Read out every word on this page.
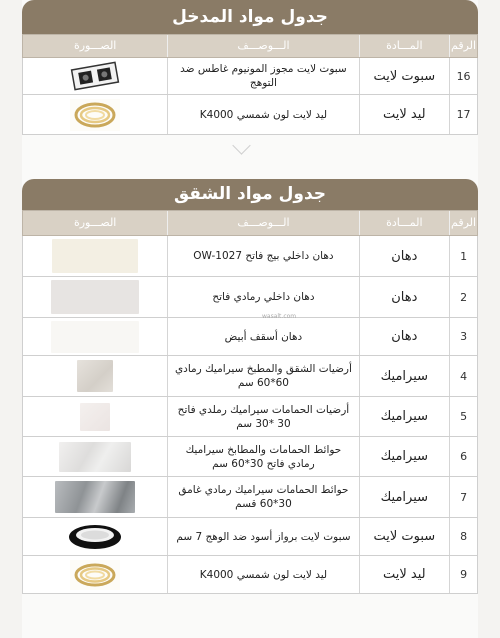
جدول مواد المدخل
الرقم
المـــادة
الـــوصـــف
الصـــورة
16
سبوت لايت
سبوت لايت مجوز المونيوم غاطس ضد التوهج
17
ليد لايت
ليد لايت لون شمسي K4000
جدول مواد الشقق
الرقم
المـــادة
الـــوصـــف
الصـــورة
1
دهان
دهان داخلي بيج فاتح OW-1027
2
دهان
دهان داخلي رمادي فاتح
3
دهان
دهان أسقف أبيض
4
سيراميك
أرضيات الشقق والمطبخ سيراميك رمادي 60*60 سم
5
سيراميك
أرضيات الحمامات سيراميك رملدي فاتح 30 *30 سم
6
سيراميك
حوائط الحمامات والمطابخ سيراميك رمادي فاتح 30*60 سم
7
سيراميك
حوائط الحمامات سيراميك رمادي غامق 30*60 قسم
8
سبوت لايت
سبوت لايت برواز أسود ضد الوهج 7 سم
9
ليد لايت
ليد لايت لون شمسي K4000
wasalt.com
